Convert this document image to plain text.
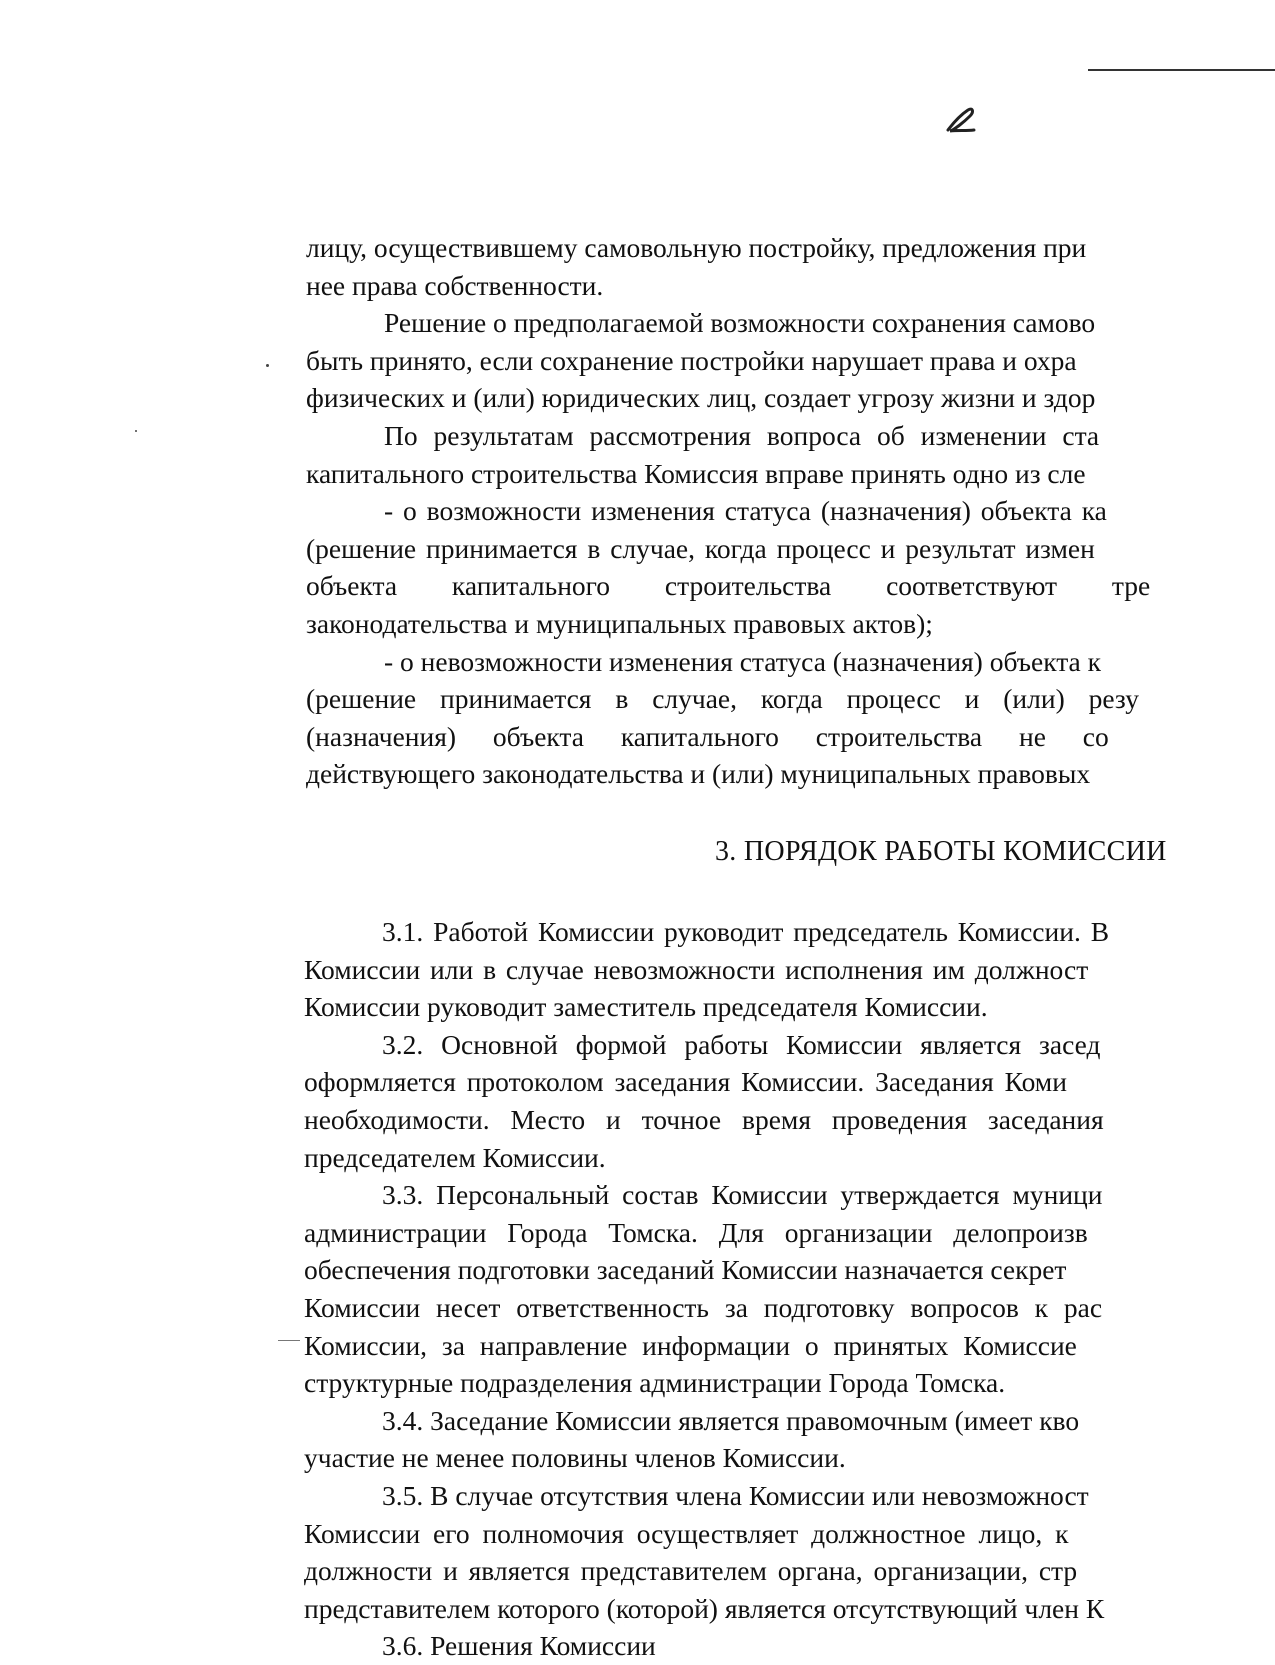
лицу, осуществившему самовольную постройку, предложения при
нее права собственности.
Решение о предполагаемой возможности сохранения самово
быть принято, если сохранение постройки нарушает права и охра
физических и (или) юридических лиц, создает угрозу жизни и здор
По результатам рассмотрения вопроса об изменении ста
капитального строительства Комиссия вправе принять одно из сле
- о возможности изменения статуса (назначения) объекта ка
(решение принимается в случае, когда процесс и результат измен
объекта капитального строительства соответствуют тре
законодательства и муниципальных правовых актов);
- о невозможности изменения статуса (назначения) объекта к
(решение принимается в случае, когда процесс и (или) резу
(назначения) объекта капитального строительства не со
действующего законодательства и (или) муниципальных правовых
3. ПОРЯДОК РАБОТЫ КОМИССИИ
3.1. Работой Комиссии руководит председатель Комиссии. В
Комиссии или в случае невозможности исполнения им должност
Комиссии руководит заместитель председателя Комиссии.
3.2. Основной формой работы Комиссии является засед
оформляется протоколом заседания Комиссии. Заседания Коми
необходимости. Место и точное время проведения заседания
председателем Комиссии.
3.3. Персональный состав Комиссии утверждается муници
администрации Города Томска. Для организации делопроизв
обеспечения подготовки заседаний Комиссии назначается секрет
Комиссии несет ответственность за подготовку вопросов к рас
Комиссии, за направление информации о принятых Комиссие
структурные подразделения администрации Города Томска.
3.4. Заседание Комиссии является правомочным (имеет кво
участие не менее половины членов Комиссии.
3.5. В случае отсутствия члена Комиссии или невозможност
Комиссии его полномочия осуществляет должностное лицо, к
должности и является представителем органа, организации, стр
представителем которого (которой) является отсутствующий член К
3.6. Решения Комиссии
